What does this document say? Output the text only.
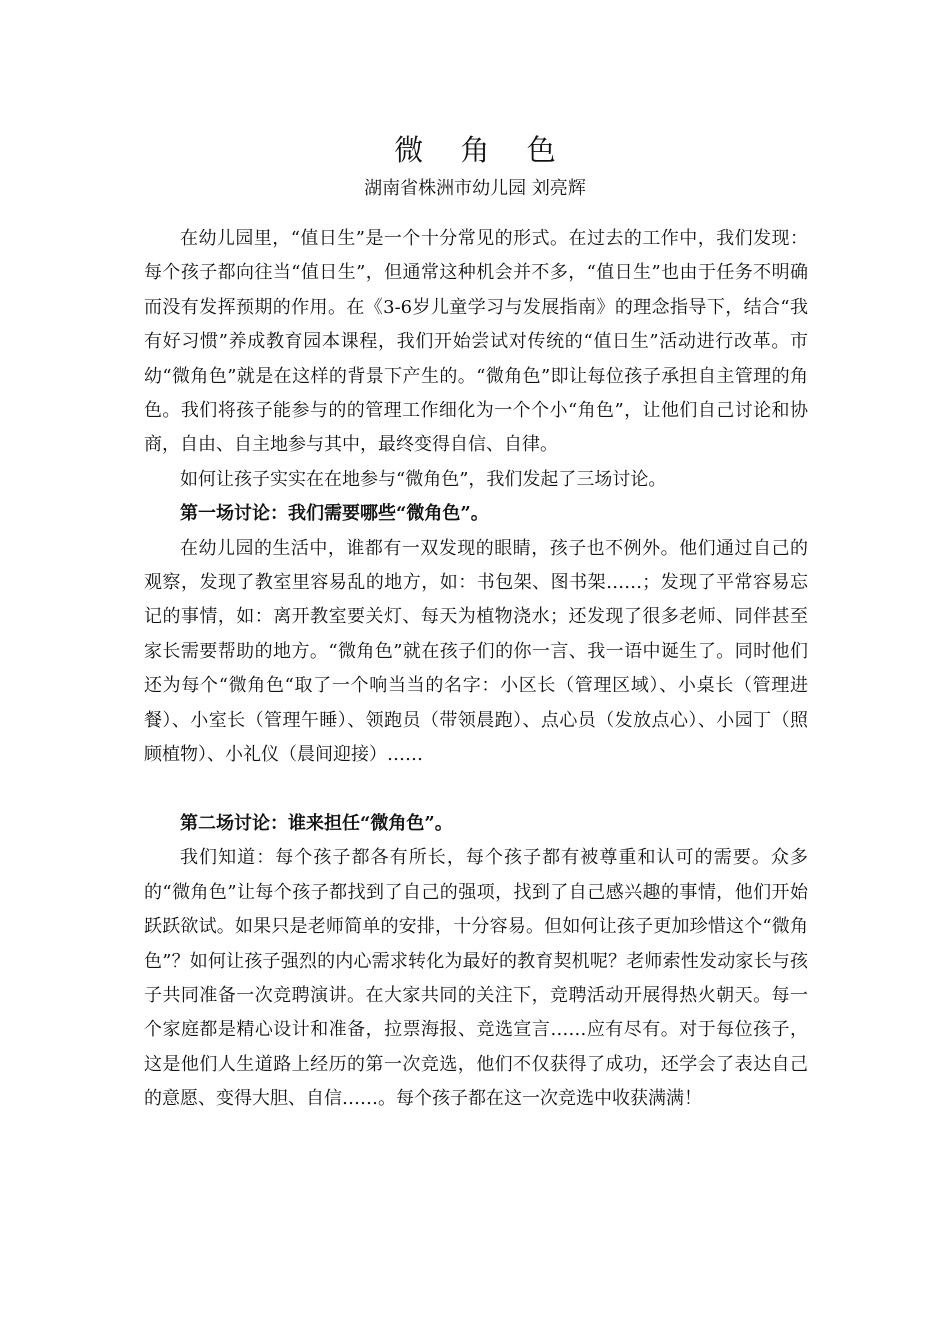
微 角 色
湖南省株洲市幼儿园 刘亮辉

在幼儿园里，“值日生”是一个十分常见的形式。在过去的工作中，我们发现：每个孩子都向往当“值日生”，但通常这种机会并不多，“值日生”也由于任务不明确而没有发挥预期的作用。在《3-6岁儿童学习与发展指南》的理念指导下，结合“我有好习惯”养成教育园本课程，我们开始尝试对传统的“值日生”活动进行改革。市幼“微角色”就是在这样的背景下产生的。“微角色”即让每位孩子承担自主管理的角色。我们将孩子能参与的的管理工作细化为一个个小“角色”，让他们自己讨论和协商，自由、自主地参与其中，最终变得自信、自律。

如何让孩子实实在在地参与“微角色”，我们发起了三场讨论。

第一场讨论：我们需要哪些“微角色”。

在幼儿园的生活中，谁都有一双发现的眼睛，孩子也不例外。他们通过自己的观察，发现了教室里容易乱的地方，如：书包架、图书架……；发现了平常容易忘记的事情，如：离开教室要关灯、每天为植物浇水；还发现了很多老师、同伴甚至家长需要帮助的地方。“微角色”就在孩子们的你一言、我一语中诞生了。同时他们还为每个“微角色“取了一个响当当的名字：小区长（管理区域）、小桌长（管理进餐）、小室长（管理午睡）、领跑员（带领晨跑）、点心员（发放点心）、小园丁（照顾植物）、小礼仪（晨间迎接）……

第二场讨论：谁来担任“微角色”。

我们知道：每个孩子都各有所长，每个孩子都有被尊重和认可的需要。众多的“微角色”让每个孩子都找到了自己的强项，找到了自己感兴趣的事情，他们开始跃跃欲试。如果只是老师简单的安排，十分容易。但如何让孩子更加珍惜这个“微角色”？如何让孩子强烈的内心需求转化为最好的教育契机呢？老师索性发动家长与孩子共同准备一次竞聘演讲。在大家共同的关注下，竞聘活动开展得热火朝天。每一个家庭都是精心设计和准备，拉票海报、竞选宣言……应有尽有。对于每位孩子，这是他们人生道路上经历的第一次竞选，他们不仅获得了成功，还学会了表达自己的意愿、变得大胆、自信……。每个孩子都在这一次竞选中收获满满！
